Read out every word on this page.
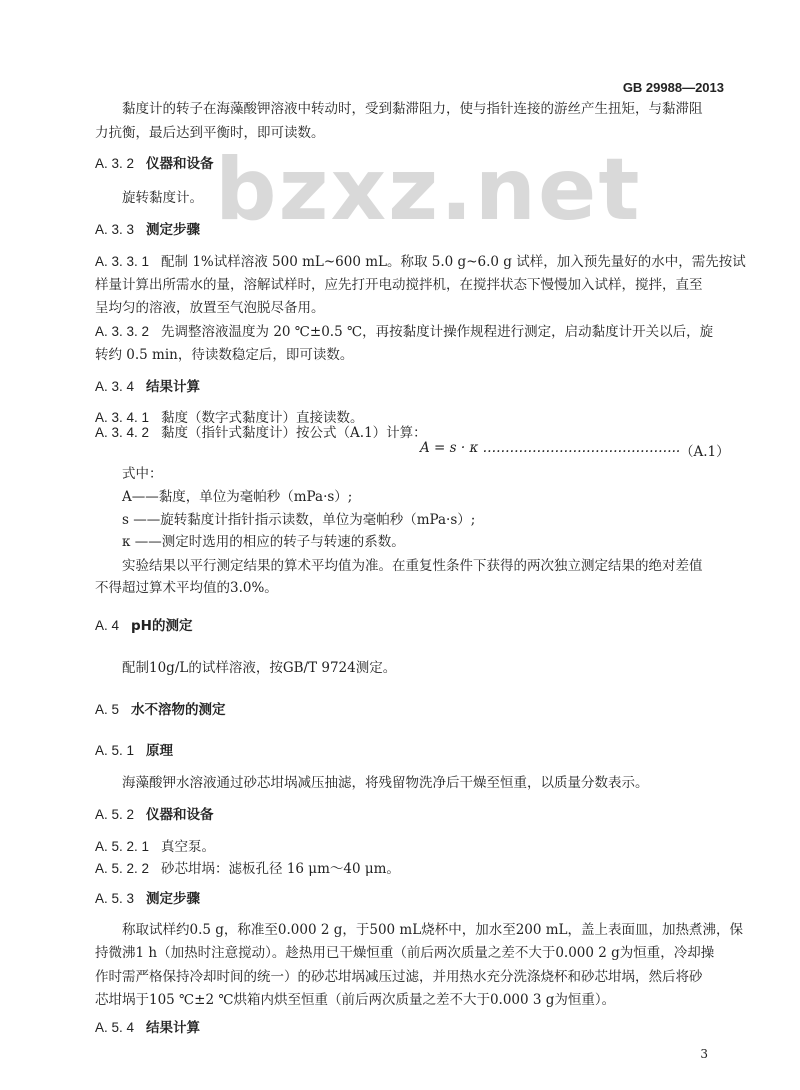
GB 29988—2013
bzxz.net
黏度计的转子在海藻酸钾溶液中转动时，受到黏滞阻力，使与指针连接的游丝产生扭矩，与黏滞阻
力抗衡，最后达到平衡时，即可读数。
A. 3. 2 仪器和设备
旋转黏度计。
A. 3. 3 测定步骤
A. 3. 3. 1 配制 1%试样溶液 500 mL~600 mL。称取 5.0 g~6.0 g 试样，加入预先量好的水中，需先按试
样量计算出所需水的量，溶解试样时，应先打开电动搅拌机，在搅拌状态下慢慢加入试样，搅拌，直至
呈均匀的溶液，放置至气泡脱尽备用。
A. 3. 3. 2 先调整溶液温度为 20 ℃±0.5 ℃，再按黏度计操作规程进行测定，启动黏度计开关以后，旋
转约 0.5 min，待读数稳定后，即可读数。
A. 3. 4 结果计算
A. 3. 4. 1 黏度（数字式黏度计）直接读数。
A. 3. 4. 2 黏度（指针式黏度计）按公式（A.1）计算：
A = s · κ …………………………………….. （A.1）
式中：
A——黏度，单位为毫帕秒（mPa·s）;
s ——旋转黏度计指针指示读数，单位为毫帕秒（mPa·s）;
κ ——测定时选用的相应的转子与转速的系数。
实验结果以平行测定结果的算术平均值为准。在重复性条件下获得的两次独立测定结果的绝对差值
不得超过算术平均值的3.0%。
A. 4 pH的测定
配制10g/L的试样溶液，按GB/T 9724测定。
A. 5 水不溶物的测定
A. 5. 1 原理
海藻酸钾水溶液通过砂芯坩埚减压抽滤，将残留物洗净后干燥至恒重，以质量分数表示。
A. 5. 2 仪器和设备
A. 5. 2. 1 真空泵。
A. 5. 2. 2 砂芯坩埚：滤板孔径 16 μm～40 μm。
A. 5. 3 测定步骤
称取试样约0.5 g，称准至0.000 2 g，于500 mL烧杯中，加水至200 mL，盖上表面皿，加热煮沸，保
持微沸1 h（加热时注意搅动）。趁热用已干燥恒重（前后两次质量之差不大于0.000 2 g为恒重，冷却操
作时需严格保持冷却时间的统一）的砂芯坩埚减压过滤，并用热水充分洗涤烧杯和砂芯坩埚，然后将砂
芯坩埚于105 ℃±2 ℃烘箱内烘至恒重（前后两次质量之差不大于0.000 3 g为恒重）。
A. 5. 4 结果计算
3
